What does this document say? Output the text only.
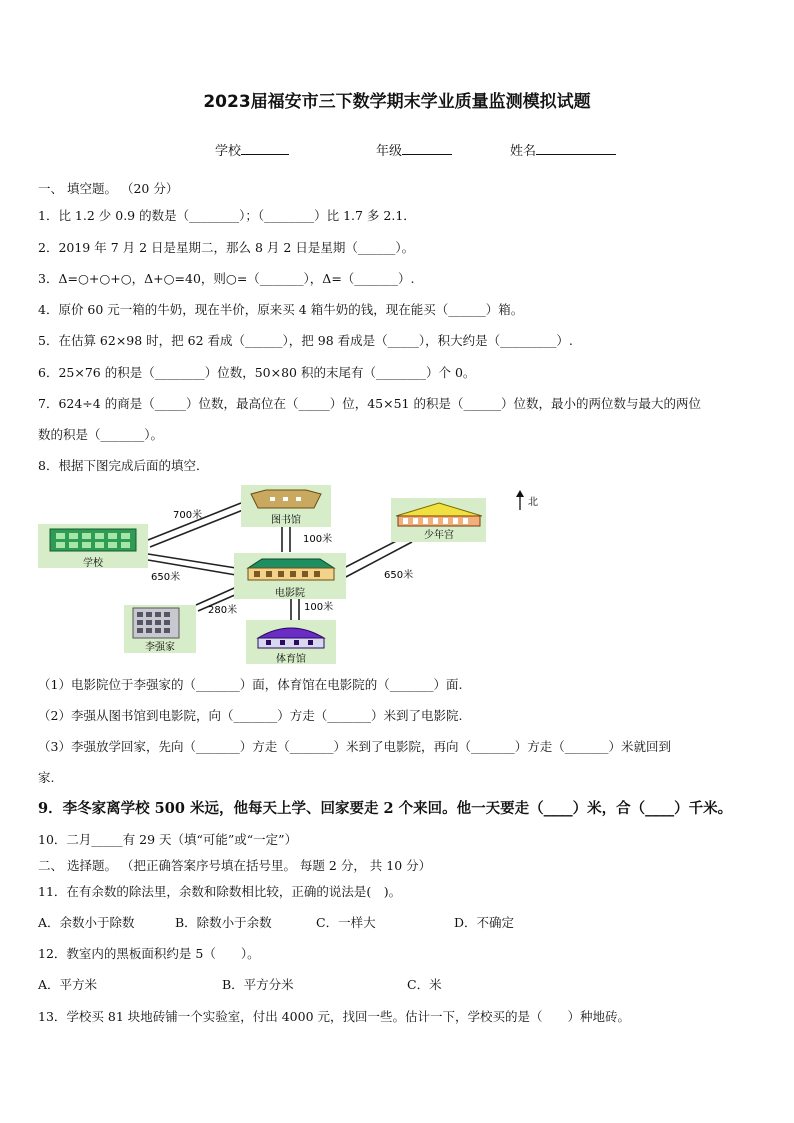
2023届福安市三下数学期末学业质量监测模拟试题
学校	年级	姓名
一、 填空题。 （20 分）
1．比 1.2 少 0.9 的数是（________）；（________）比 1.7 多 2.1．
2．2019 年 7 月 2 日是星期二，那么 8 月 2 日是星期（______）。
3．Δ=○+○+○，Δ+○=40，则○=（_______），Δ=（_______）.
4．原价 60 元一箱的牛奶，现在半价，原来买 4 箱牛奶的钱，现在能买（______）箱。
5．在估算 62×98 时，把 62 看成（______），把 98 看成是（_____），积大约是（_________）.
6．25×76 的积是（________）位数，50×80 积的末尾有（________）个 0。
7．624÷4 的商是（_____）位数，最高位在（_____）位，45×51 的积是（______）位数，最小的两位数与最大的两位
数的积是（_______）。
8．根据下图完成后面的填空．
学校
图书馆
少年宫
电影院
李强家
体育馆
北
700米
100米
650米	650米
280米	100米
（1）电影院位于李强家的（_______）面，体育馆在电影院的（_______）面.
（2）李强从图书馆到电影院，向（_______）方走（_______）米到了电影院.
（3）李强放学回家，先向（_______）方走（_______）米到了电影院，再向（_______）方走（_______）米就回到
家.
9．李冬家离学校 500 米远，他每天上学、回家要走 2 个来回。他一天要走（____）米，合（____）千米。
10．二月_____有 29 天（填“可能”或“一定”）
二、 选择题。 （把正确答案序号填在括号里。 每题 2 分， 共 10 分）
11．在有余数的除法里，余数和除数相比较，正确的说法是(　)。
A．余数小于除数	B．除数小于余数	C．一样大	D．不确定
12．教室内的黑板面积约是 5（　　）。
A．平方米	B．平方分米	C．米
13．学校买 81 块地砖铺一个实验室，付出 4000 元，找回一些。估计一下，学校买的是（　　）种地砖。
